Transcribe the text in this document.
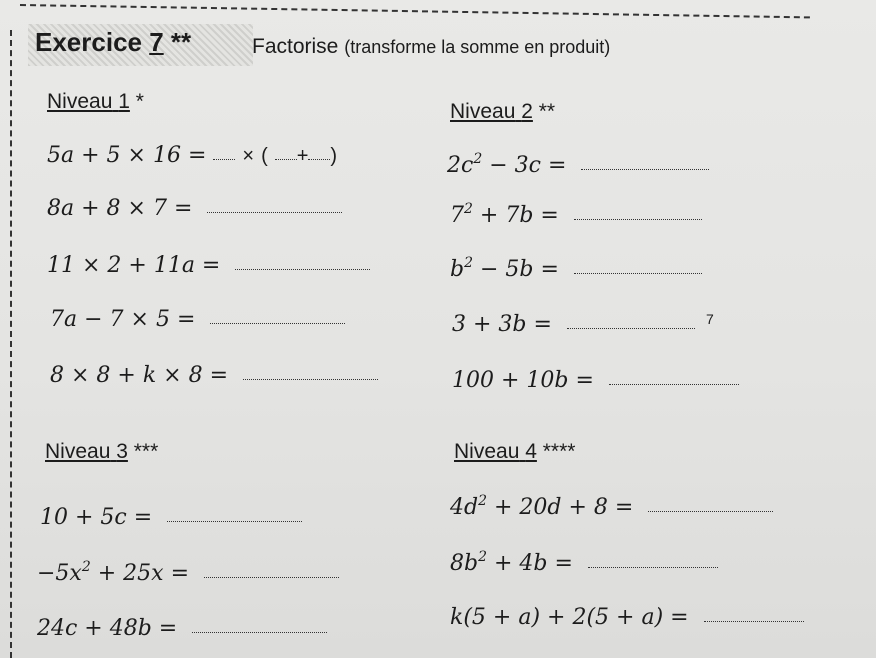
Exercice 7 **	Factorise (transforme la somme en produit)
Niveau 1 *	Niveau 2 **
Niveau 3 ***	Niveau 4 ****
5a + 5 × 16 = × ( + )
8a + 8 × 7 =
11 × 2 + 11a =
7a − 7 × 5 =
8 × 8 + k × 8 =
$2c^2 - 3c$ =
$7^2 + 7b$ =
$b^2 - 5b$ =
3 + 3b =	7
100 + 10b =
10 + 5c =
$-5x^2 + 25x$ =
24c + 48b =
$4d^2 + 20d + 8$ =
$8b^2 + 4b$ =
k(5 + a) + 2(5 + a) =
